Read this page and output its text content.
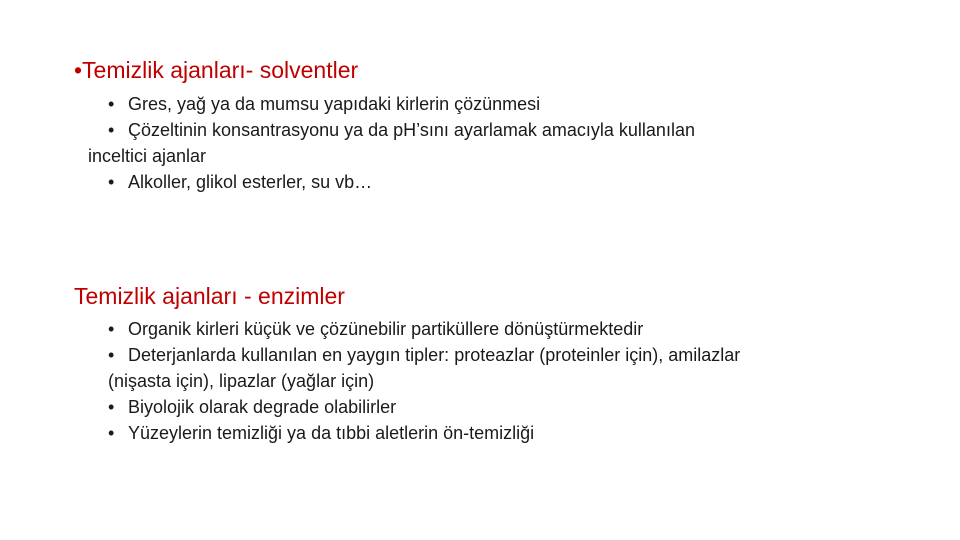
•Temizlik ajanları- solventler
• Gres, yağ ya da mumsu yapıdaki kirlerin çözünmesi
• Çözeltinin konsantrasyonu ya da pH’sını ayarlamak amacıyla kullanılan
inceltici ajanlar
• Alkoller, glikol esterler, su vb…
Temizlik ajanları - enzimler
• Organik kirleri küçük ve çözünebilir partiküllere dönüştürmektedir
• Deterjanlarda kullanılan en yaygın tipler: proteazlar (proteinler için), amilazlar
(nişasta için), lipazlar (yağlar için)
• Biyolojik olarak degrade olabilirler
• Yüzeylerin temizliği ya da tıbbi aletlerin ön-temizliği
